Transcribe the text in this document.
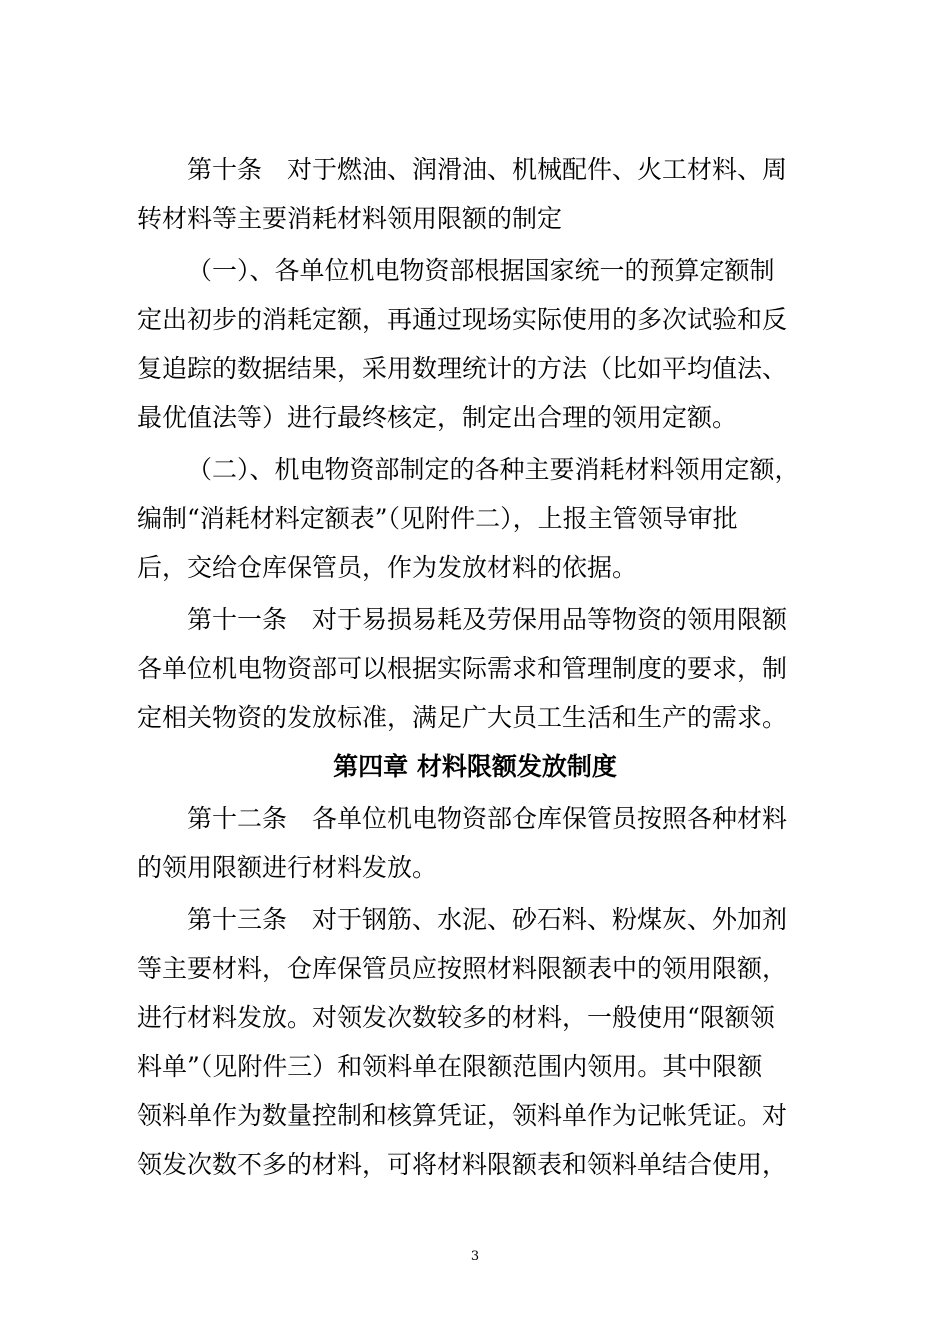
第十条　对于燃油、润滑油、机械配件、火工材料、周
转材料等主要消耗材料领用限额的制定
（一）、各单位机电物资部根据国家统一的预算定额制
定出初步的消耗定额，再通过现场实际使用的多次试验和反
复追踪的数据结果，采用数理统计的方法（比如平均值法、
最优值法等）进行最终核定，制定出合理的领用定额。
（二）、机电物资部制定的各种主要消耗材料领用定额，
编制“消耗材料定额表”（见附件二），上报主管领导审批
后，交给仓库保管员，作为发放材料的依据。
第十一条　对于易损易耗及劳保用品等物资的领用限额
各单位机电物资部可以根据实际需求和管理制度的要求，制
定相关物资的发放标准，满足广大员工生活和生产的需求。
第四章 材料限额发放制度
第十二条　各单位机电物资部仓库保管员按照各种材料
的领用限额进行材料发放。
第十三条　对于钢筋、水泥、砂石料、粉煤灰、外加剂
等主要材料，仓库保管员应按照材料限额表中的领用限额，
进行材料发放。对领发次数较多的材料，一般使用“限额领
料单”（见附件三）和领料单在限额范围内领用。其中限额
领料单作为数量控制和核算凭证，领料单作为记帐凭证。对
领发次数不多的材料，可将材料限额表和领料单结合使用，
3
